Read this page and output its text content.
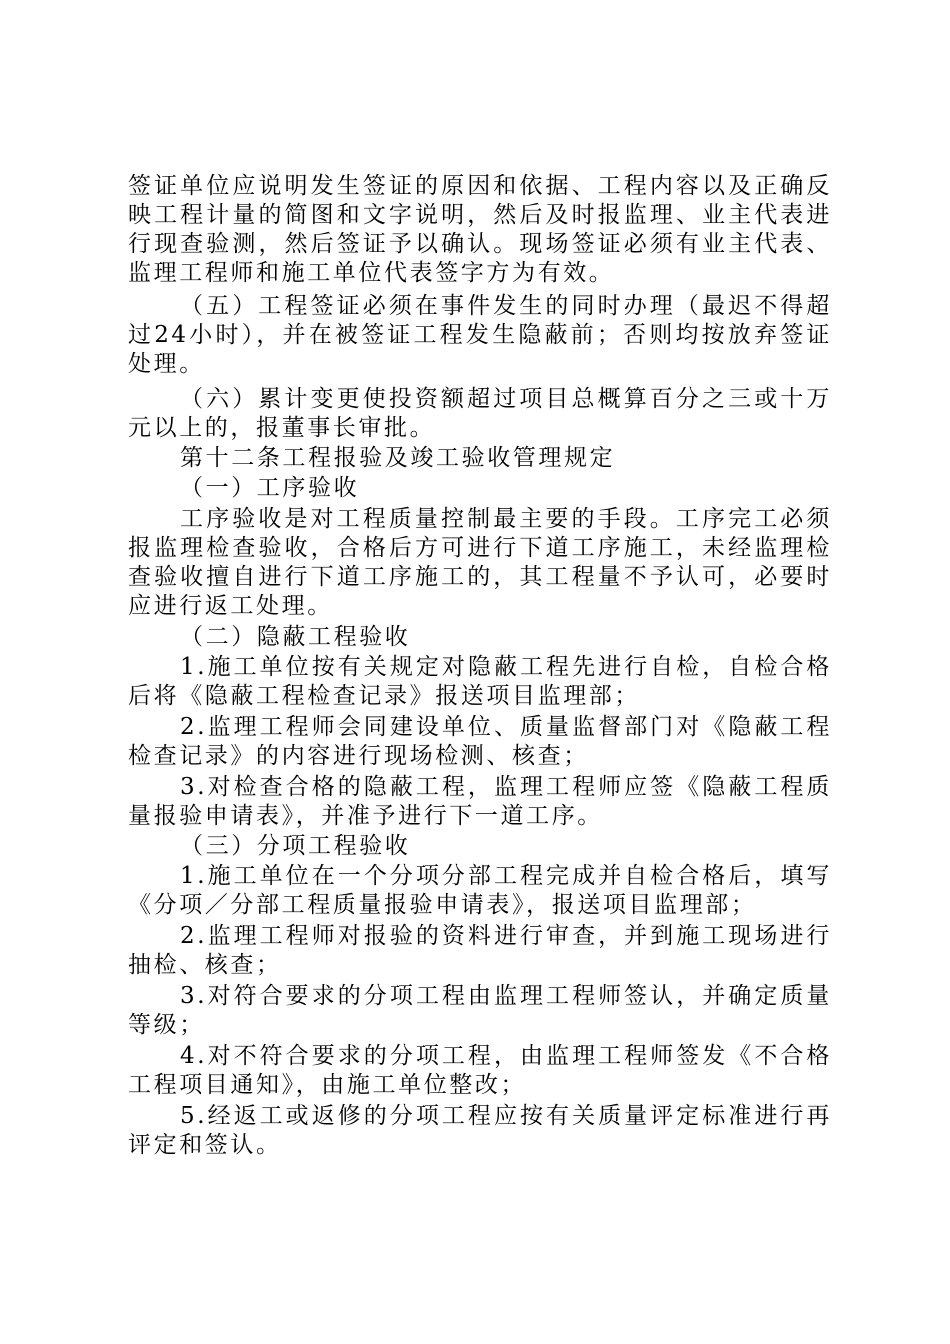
签证单位应说明发生签证的原因和依据、工程内容以及正确反映工程计量的简图和文字说明，然后及时报监理、业主代表进行现查验测，然后签证予以确认。现场签证必须有业主代表、监理工程师和施工单位代表签字方为有效。

（五）工程签证必须在事件发生的同时办理（最迟不得超过24小时），并在被签证工程发生隐蔽前；否则均按放弃签证处理。

（六）累计变更使投资额超过项目总概算百分之三或十万元以上的，报董事长审批。

第十二条工程报验及竣工验收管理规定

（一）工序验收

工序验收是对工程质量控制最主要的手段。工序完工必须报监理检查验收，合格后方可进行下道工序施工，未经监理检查验收擅自进行下道工序施工的，其工程量不予认可，必要时应进行返工处理。

（二）隐蔽工程验收

1.施工单位按有关规定对隐蔽工程先进行自检，自检合格后将《隐蔽工程检查记录》报送项目监理部；

2.监理工程师会同建设单位、质量监督部门对《隐蔽工程检查记录》的内容进行现场检测、核查；

3.对检查合格的隐蔽工程，监理工程师应签《隐蔽工程质量报验申请表》，并准予进行下一道工序。

（三）分项工程验收

1.施工单位在一个分项分部工程完成并自检合格后，填写《分项／分部工程质量报验申请表》，报送项目监理部；

2.监理工程师对报验的资料进行审查，并到施工现场进行抽检、核查；

3.对符合要求的分项工程由监理工程师签认，并确定质量等级；

4.对不符合要求的分项工程，由监理工程师签发《不合格工程项目通知》，由施工单位整改；

5.经返工或返修的分项工程应按有关质量评定标准进行再评定和签认。
